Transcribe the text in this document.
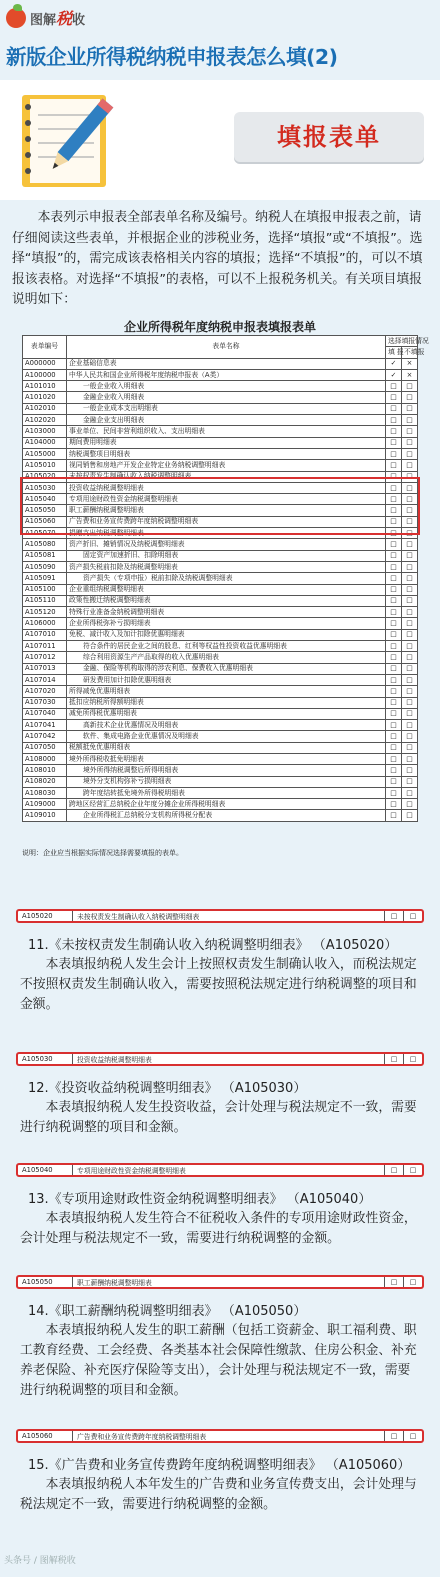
图解税收
新版企业所得税纳税申报表怎么填(2)
填报表单
本表列示申报表全部表单名称及编号。纳税人在填报申报表之前，请仔细阅读这些表单，并根据企业的涉税业务，选择“填报”或“不填报”。选择“填报”的，需完成该表格相关内容的填报；选择“不填报”的，可以不填报该表格。对选择“不填报”的表格，可以不上报税务机关。有关项目填报说明如下：
企业所得税年度纳税申报表填报表单
表单编号	表单名称	选择填报情况	
		填 报	不填报
A000000	企业基础信息表	✓	×
A100000	中华人民共和国企业所得税年度纳税申报表（A类）	✓	×
A101010	一般企业收入明细表	□	□
A101020	金融企业收入明细表	□	□
A102010	一般企业成本支出明细表	□	□
A102020	金融企业支出明细表	□	□
A103000	事业单位、民间非营利组织收入、支出明细表	□	□
A104000	期间费用明细表	□	□
A105000	纳税调整项目明细表	□	□
A105010	视同销售和房地产开发企业特定业务纳税调整明细表	□	□
A105020	未按权责发生制确认收入纳税调整明细表	□	□
A105030	投资收益纳税调整明细表	□	□
A105040	专项用途财政性资金纳税调整明细表	□	□
A105050	职工薪酬纳税调整明细表	□	□
A105060	广告费和业务宣传费跨年度纳税调整明细表	□	□
A105070	捐赠支出纳税调整明细表	□	□
A105080	资产折旧、摊销情况及纳税调整明细表	□	□
A105081	固定资产加速折旧、扣除明细表	□	□
A105090	资产损失税前扣除及纳税调整明细表	□	□
A105091	资产损失（专项申报）税前扣除及纳税调整明细表	□	□
A105100	企业重组纳税调整明细表	□	□
A105110	政策性搬迁纳税调整明细表	□	□
A105120	特殊行业准备金纳税调整明细表	□	□
A106000	企业所得税弥补亏损明细表	□	□
A107010	免税、减计收入及加计扣除优惠明细表	□	□
A107011	符合条件的居民企业之间的股息、红利等权益性投资收益优惠明细表	□	□
A107012	综合利用资源生产产品取得的收入优惠明细表	□	□
A107013	金融、保险等机构取得的涉农利息、保费收入优惠明细表	□	□
A107014	研发费用加计扣除优惠明细表	□	□
A107020	所得减免优惠明细表	□	□
A107030	抵扣应纳税所得额明细表	□	□
A107040	减免所得税优惠明细表	□	□
A107041	高新技术企业优惠情况及明细表	□	□
A107042	软件、集成电路企业优惠情况及明细表	□	□
A107050	税额抵免优惠明细表	□	□
A108000	境外所得税收抵免明细表	□	□
A108010	境外所得纳税调整后所得明细表	□	□
A108020	境外分支机构弥补亏损明细表	□	□
A108030	跨年度结转抵免境外所得税明细表	□	□
A109000	跨地区经营汇总纳税企业年度分摊企业所得税明细表	□	□
A109010	企业所得税汇总纳税分支机构所得税分配表	□	□
说明：企业应当根据实际情况选择需要填报的表单。
A105020	未按权责发生制确认收入纳税调整明细表	□	□
11.《未按权责发生制确认收入纳税调整明细表》 （A105020）

本表填报纳税人发生会计上按照权责发生制确认收入，而税法规定不按照权责发生制确认收入，需要按照税法规定进行纳税调整的项目和金额。

A105030	投资收益纳税调整明细表	□	□
12.《投资收益纳税调整明细表》 （A105030）

本表填报纳税人发生投资收益，会计处理与税法规定不一致，需要进行纳税调整的项目和金额。

A105040	专项用途财政性资金纳税调整明细表	□	□
13.《专项用途财政性资金纳税调整明细表》 （A105040）

本表填报纳税人发生符合不征税收入条件的专项用途财政性资金，会计处理与税法规定不一致，需要进行纳税调整的金额。

A105050	职工薪酬纳税调整明细表	□	□
14.《职工薪酬纳税调整明细表》 （A105050）

本表填报纳税人发生的职工薪酬（包括工资薪金、职工福利费、职工教育经费、工会经费、各类基本社会保障性缴款、住房公积金、补充养老保险、补充医疗保险等支出），会计处理与税法规定不一致，需要进行纳税调整的项目和金额。

A105060	广告费和业务宣传费跨年度纳税调整明细表	□	□
15.《广告费和业务宣传费跨年度纳税调整明细表》 （A105060）

本表填报纳税人本年发生的广告费和业务宣传费支出，会计处理与税法规定不一致，需要进行纳税调整的金额。

头条号 / 图解税收
